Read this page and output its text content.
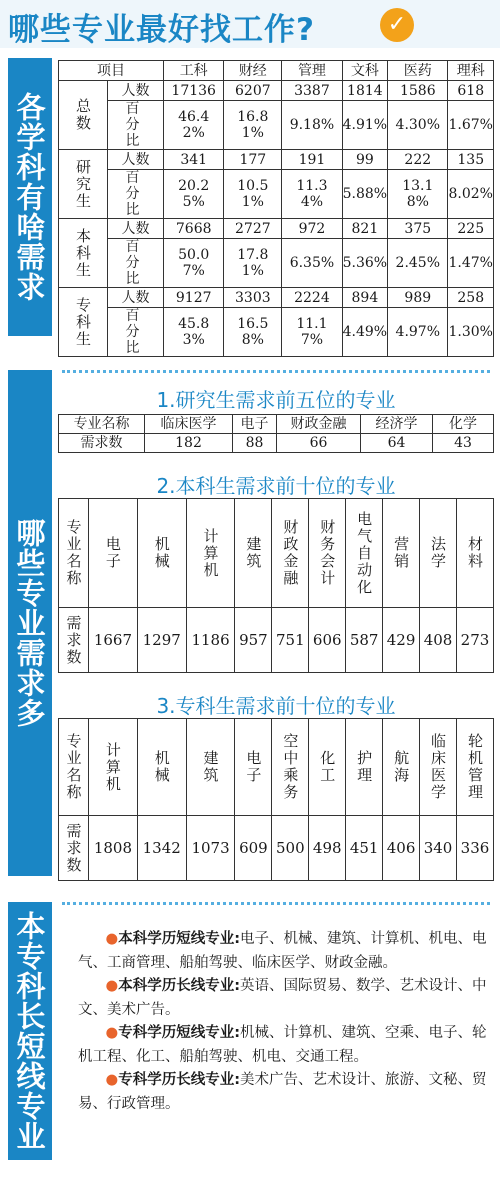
哪些专业最好找工作?	✓
各学科有啥需求
项目		工科	财经	管理	文科	医药	理科
总数	人数	17136	6207	3387	1814	1586	618
	百分比	46.42%	16.81%	9.18%	4.91%	4.30%	1.67%
研究生	人数	341	177	191	99	222	135
	百分比	20.25%	10.51%	11.34%	5.88%	13.18%	8.02%
本科生	人数	7668	2727	972	821	375	225
	百分比	50.07%	17.81%	6.35%	5.36%	2.45%	1.47%
专科生	人数	9127	3303	2224	894	989	258
	百分比	45.83%	16.58%	11.17%	4.49%	4.97%	1.30%
哪些专业需求多
1.研究生需求前五位的专业
专业名称	临床医学	电子	财政金融	经济学	化学
需求数	182	88	66	64	43
2.本科生需求前十位的专业
专业名称	电子	机械	计算机	建筑	财政金融	财务会计	电气自动化	营销	法学	材料
需求数	1667	1297	1186	957	751	606	587	429	408	273
3.专科生需求前十位的专业
专业名称	计算机	机械	建筑	电子	空中乘务	化工	护理	航海	临床医学	轮机管理
需求数	1808	1342	1073	609	500	498	451	406	340	336
本专科长短线专业	●本科学历短线专业:电子、机械、建筑、计算机、机电、电气、工商管理、船舶驾驶、临床医学、财政金融。

●本科学历长线专业:英语、国际贸易、数学、艺术设计、中文、美术广告。

●专科学历短线专业:机械、计算机、建筑、空乘、电子、轮机工程、化工、船舶驾驶、机电、交通工程。

●专科学历长线专业:美术广告、艺术设计、旅游、文秘、贸易、行政管理。
